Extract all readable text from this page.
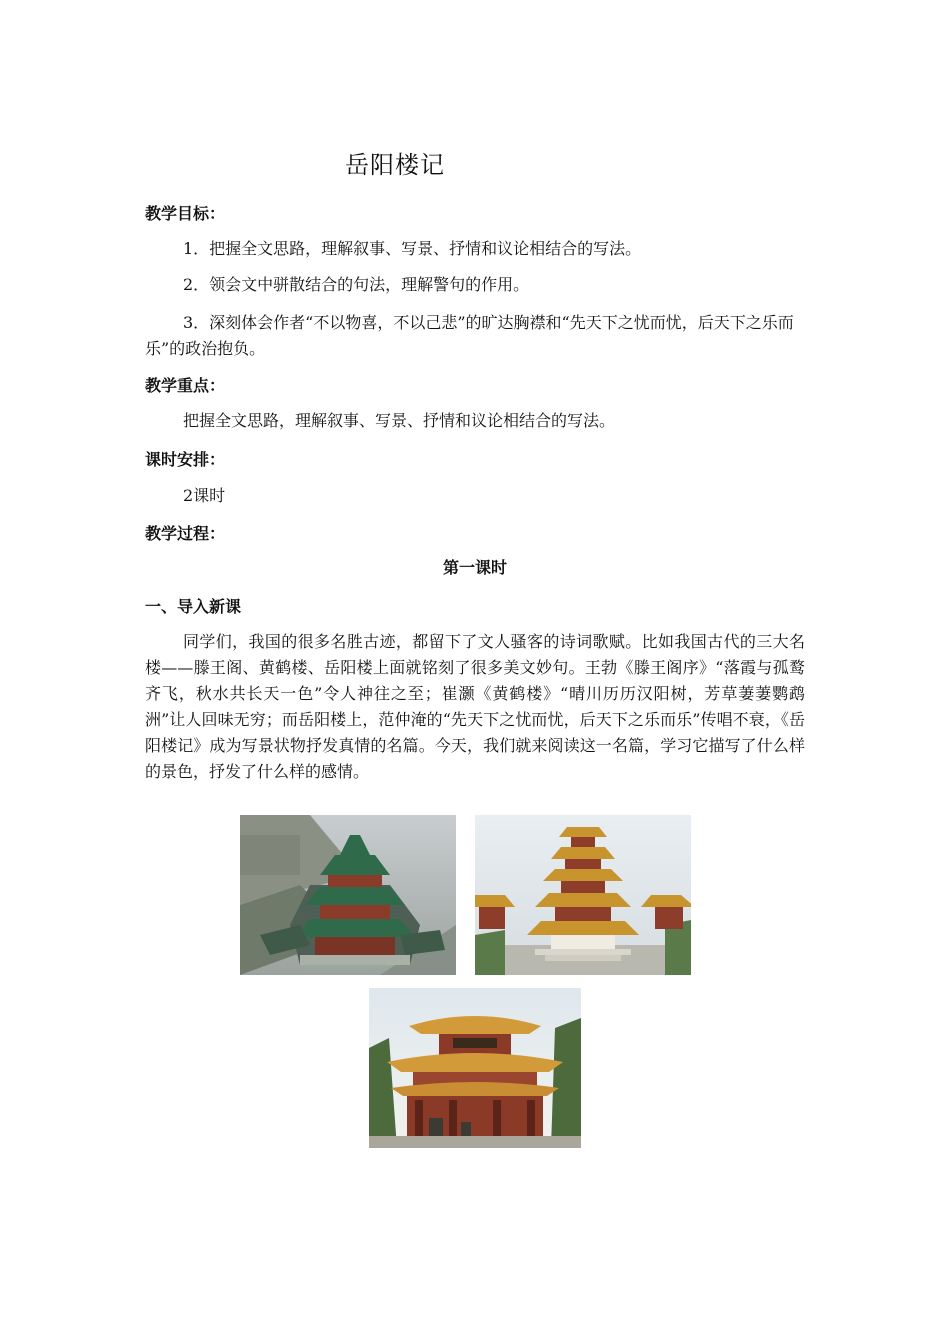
岳阳楼记
教学目标：
1．把握全文思路，理解叙事、写景、抒情和议论相结合的写法。
2．领会文中骈散结合的句法，理解警句的作用。
3．深刻体会作者“不以物喜，不以己悲”的旷达胸襟和“先天下之忧而忧，后天下之乐而乐”的政治抱负。
教学重点：
把握全文思路，理解叙事、写景、抒情和议论相结合的写法。
课时安排：
2课时
教学过程：
第一课时
一、导入新课
同学们，我国的很多名胜古迹，都留下了文人骚客的诗词歌赋。比如我国古代的三大名楼——滕王阁、黄鹤楼、岳阳楼上面就铭刻了很多美文妙句。王勃《滕王阁序》“落霞与孤鹜齐飞，秋水共长天一色”令人神往之至；崔灏《黄鹤楼》“晴川历历汉阳树，芳草萋萋鹦鹉洲”让人回味无穷；而岳阳楼上，范仲淹的“先天下之忧而忧，后天下之乐而乐”传唱不衰，《岳阳楼记》成为写景状物抒发真情的名篇。今天，我们就来阅读这一名篇，学习它描写了什么样的景色，抒发了什么样的感情。
